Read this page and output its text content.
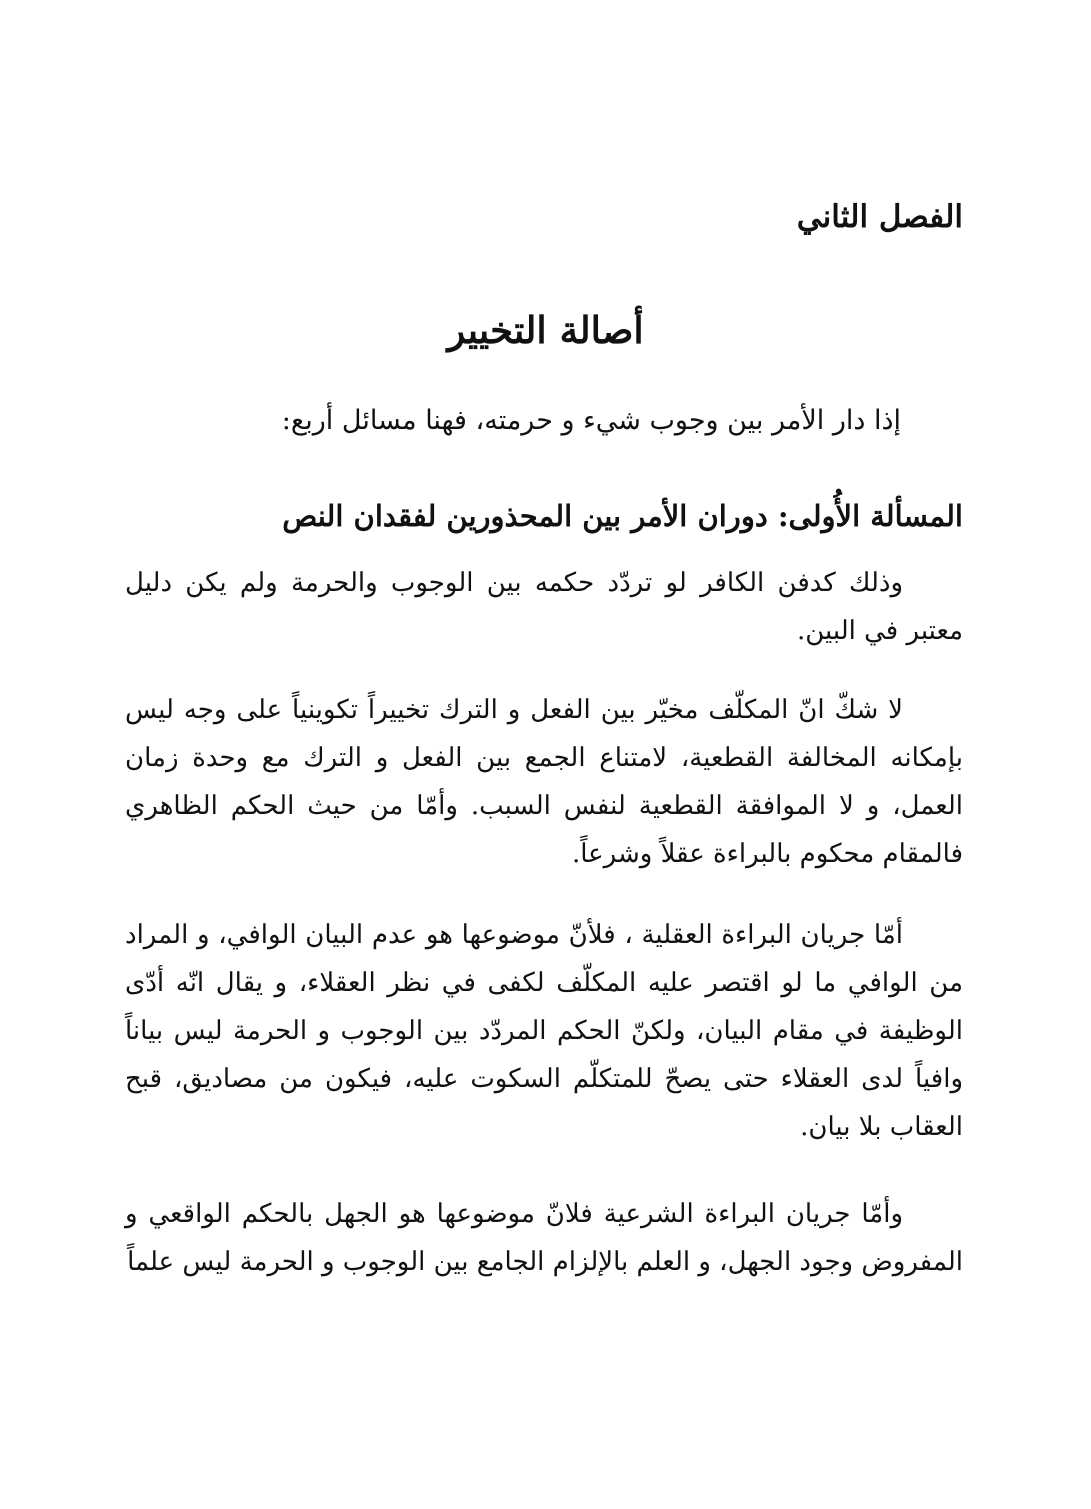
الفصل الثاني
أصالة التخيير

إذا دار الأمر بين وجوب شيء و حرمته، فهنا مسائل أربع:

المسألة الأُولى: دوران الأمر بين المحذورين لفقدان النص

وذلك كدفن الكافر لو تردّد حكمه بين الوجوب والحرمة ولم يكن دليل معتبر في البين.

لا شكّ انّ المكلّف مخيّر بين الفعل و الترك تخييراً تكوينياً على وجه ليس بإمكانه المخالفة القطعية، لامتناع الجمع بين الفعل و الترك مع وحدة زمان العمل، و لا الموافقة القطعية لنفس السبب. وأمّا من حيث الحكم الظاهري فالمقام محكوم بالبراءة عقلاً وشرعاً.

أمّا جريان البراءة العقلية ، فلأنّ موضوعها هو عدم البيان الوافي، و المراد من الوافي ما لو اقتصر عليه المكلّف لكفى في نظر العقلاء، و يقال انّه أدّى الوظيفة في مقام البيان، ولكنّ الحكم المردّد بين الوجوب و الحرمة ليس بياناً وافياً لدى العقلاء حتى يصحّ للمتكلّم السكوت عليه، فيكون من مصاديق، قبح العقاب بلا بيان.

وأمّا جريان البراءة الشرعية فلانّ موضوعها هو الجهل بالحكم الواقعي و المفروض وجود الجهل، و العلم بالإلزام الجامع بين الوجوب و الحرمة ليس علماً
